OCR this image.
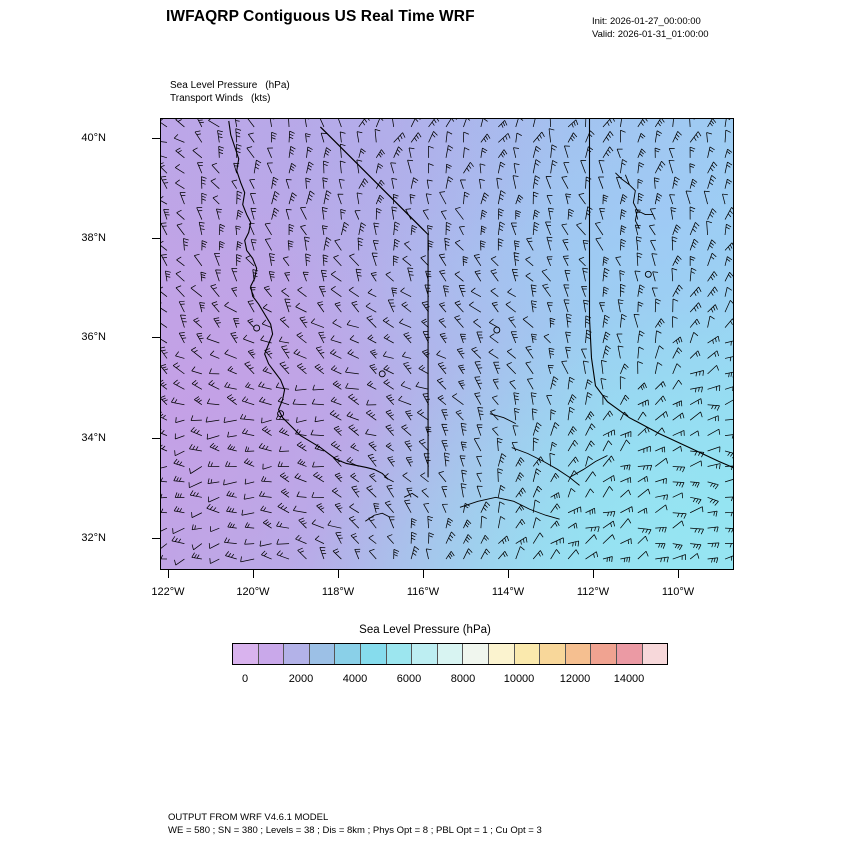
IWFAQRP Contiguous US Real Time WRF	Init: 2026-01-27_00:00:00
Valid: 2026-01-31_01:00:00
Sea Level Pressure (hPa)
Transport Winds (kts)
40°N
38°N
36°N
34°N
32°N
122°W	120°W	118°W	116°W	114°W	112°W	110°W
Sea Level Pressure (hPa)
0	2000	4000	6000	8000	10000 12000 14000
OUTPUT FROM WRF V4.6.1 MODEL
WE = 580 ; SN = 380 ; Levels = 38 ; Dis = 8km ; Phys Opt = 8 ; PBL Opt = 1 ; Cu Opt = 3
